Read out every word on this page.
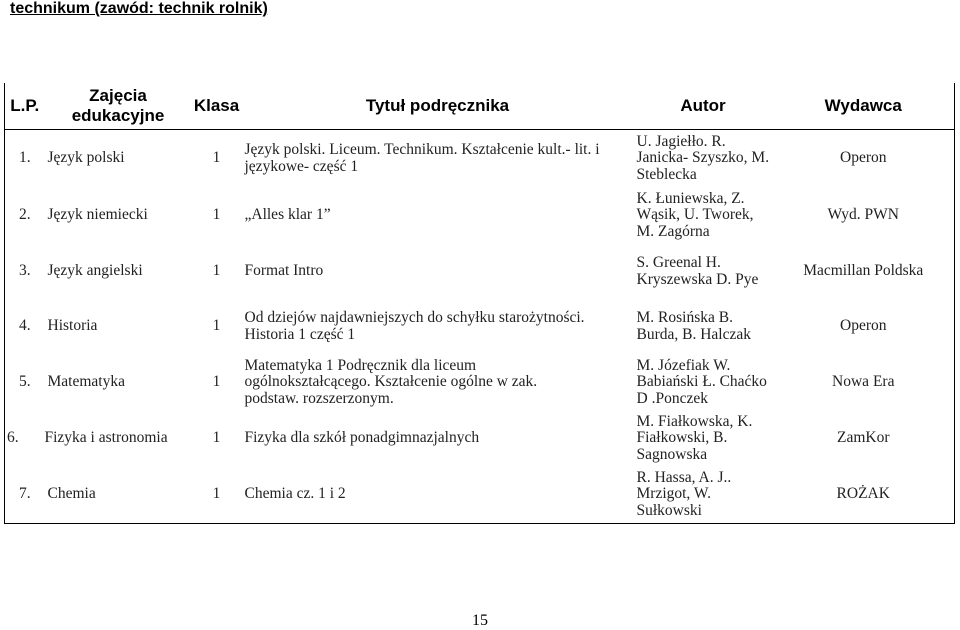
technikum (zawód: technik rolnik)
L.P.	Zajęcia edukacyjne	Klasa	Tytuł podręcznika	Autor	Wydawca
1.	Język polski	1	Język polski. Liceum. Technikum. Kształcenie kult.- lit. i językowe- część 1	U. Jagiełło. R. Janicka- Szyszko, M. Steblecka	Operon
2.	Język niemiecki	1	„Alles klar 1”	K. Łuniewska, Z. Wąsik, U. Tworek, M. Zagórna	Wyd. PWN
3.	Język angielski	1	Format Intro	S. Greenal H. Kryszewska D. Pye	Macmillan Poldska
4.	Historia	1	Od dziejów najdawniejszych do schyłku starożytności. Historia 1 część 1	M. Rosińska B. Burda, B. Halczak	Operon
5.	Matematyka	1	Matematyka 1 Podręcznik dla liceum ogólnokształcącego. Kształcenie ogólne w zak. podstaw. rozszerzonym.	M. Józefiak W. Babiański Ł. Chaćko D .Ponczek	Nowa Era
6.	Fizyka i astronomia	1	Fizyka dla szkół ponadgimnazjalnych	M. Fiałkowska, K. Fiałkowski, B. Sagnowska	ZamKor
7.	Chemia	1	Chemia cz. 1 i 2	R. Hassa, A. J.. Mrzigot, W. Sułkowski	ROŻAK
15
